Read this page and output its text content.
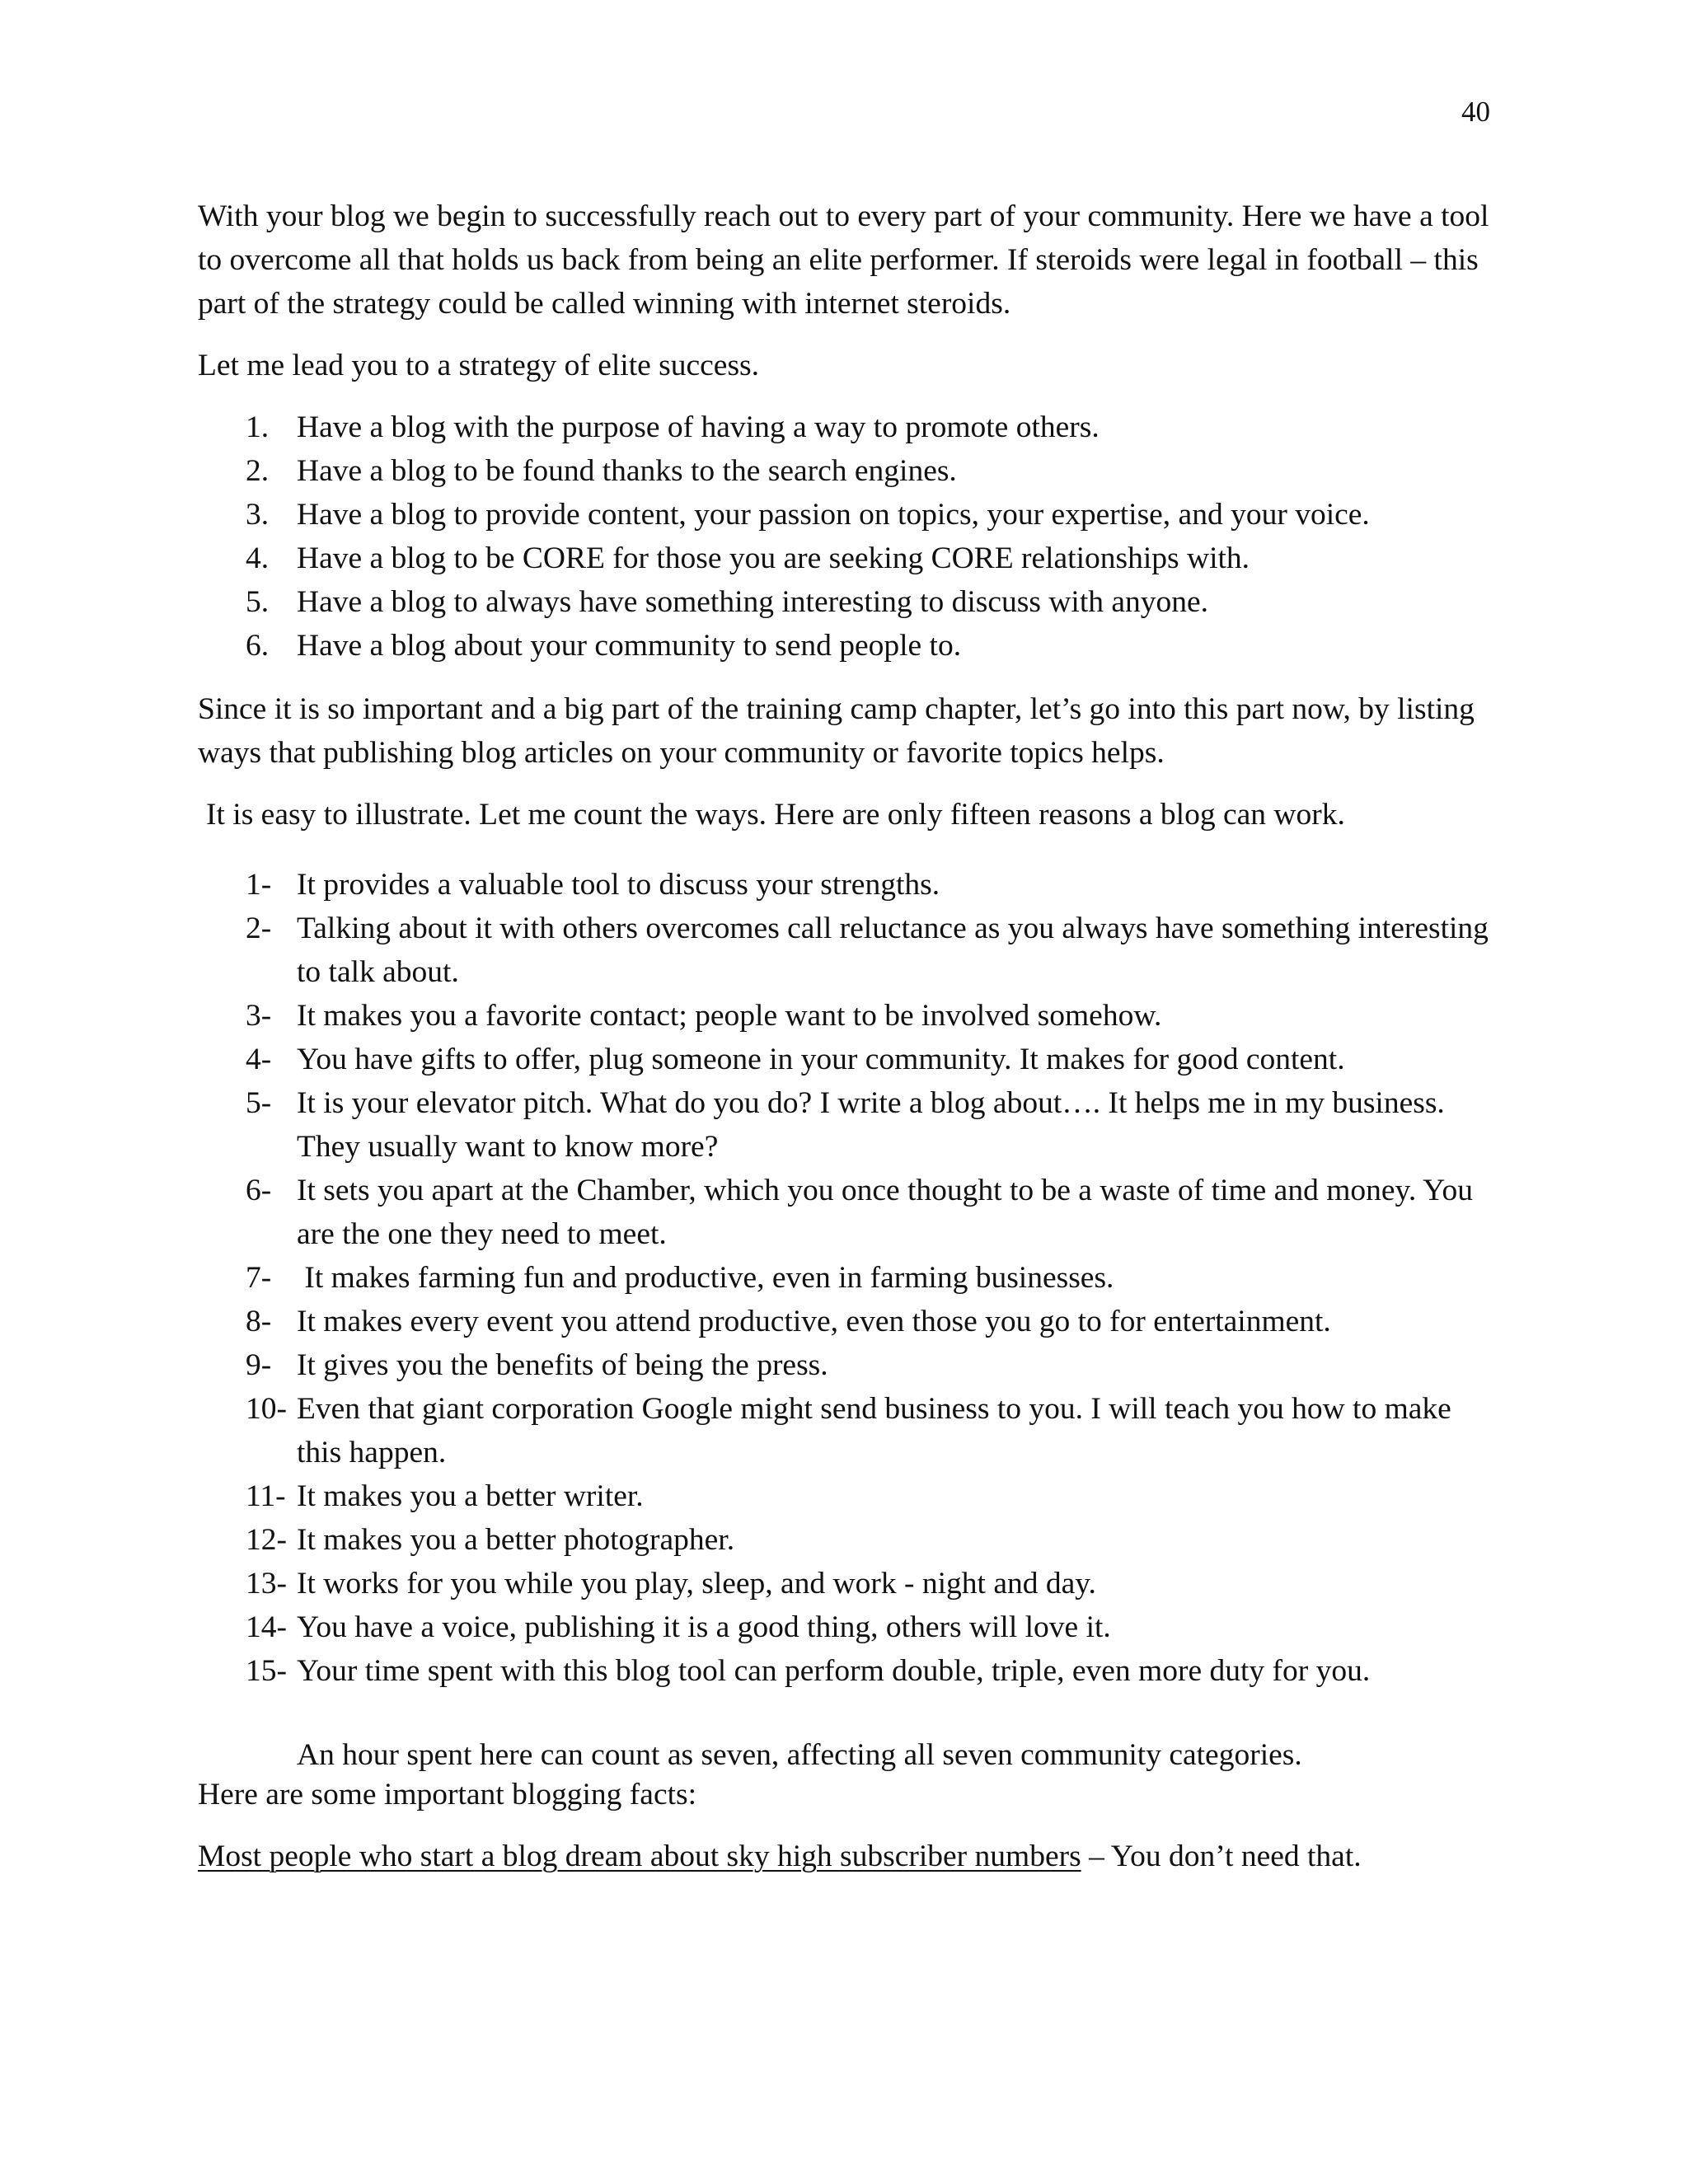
40

With your blog we begin to successfully reach out to every part of your community. Here we have a tool to overcome all that holds us back from being an elite performer. If steroids were legal in football – this part of the strategy could be called winning with internet steroids.

Let me lead you to a strategy of elite success.

1. Have a blog with the purpose of having a way to promote others.
2. Have a blog to be found thanks to the search engines.
3. Have a blog to provide content, your passion on topics, your expertise, and your voice.
4. Have a blog to be CORE for those you are seeking CORE relationships with.
5. Have a blog to always have something interesting to discuss with anyone.
6. Have a blog about your community to send people to.

Since it is so important and a big part of the training camp chapter, let’s go into this part now, by listing ways that publishing blog articles on your community or favorite topics helps.

It is easy to illustrate. Let me count the ways. Here are only fifteen reasons a blog can work.

1- It provides a valuable tool to discuss your strengths.
2- Talking about it with others overcomes call reluctance as you always have something interesting to talk about.
3- It makes you a favorite contact; people want to be involved somehow.
4- You have gifts to offer, plug someone in your community. It makes for good content.
5- It is your elevator pitch. What do you do? I write a blog about…. It helps me in my business. They usually want to know more?
6- It sets you apart at the Chamber, which you once thought to be a waste of time and money. You are the one they need to meet.
7- It makes farming fun and productive, even in farming businesses.
8- It makes every event you attend productive, even those you go to for entertainment.
9- It gives you the benefits of being the press.
10- Even that giant corporation Google might send business to you. I will teach you how to make this happen.
11- It makes you a better writer.
12- It makes you a better photographer.
13- It works for you while you play, sleep, and work - night and day.
14- You have a voice, publishing it is a good thing, others will love it.
15- Your time spent with this blog tool can perform double, triple, even more duty for you.

An hour spent here can count as seven, affecting all seven community categories.

Here are some important blogging facts:

Most people who start a blog dream about sky high subscriber numbers – You don’t need that.
